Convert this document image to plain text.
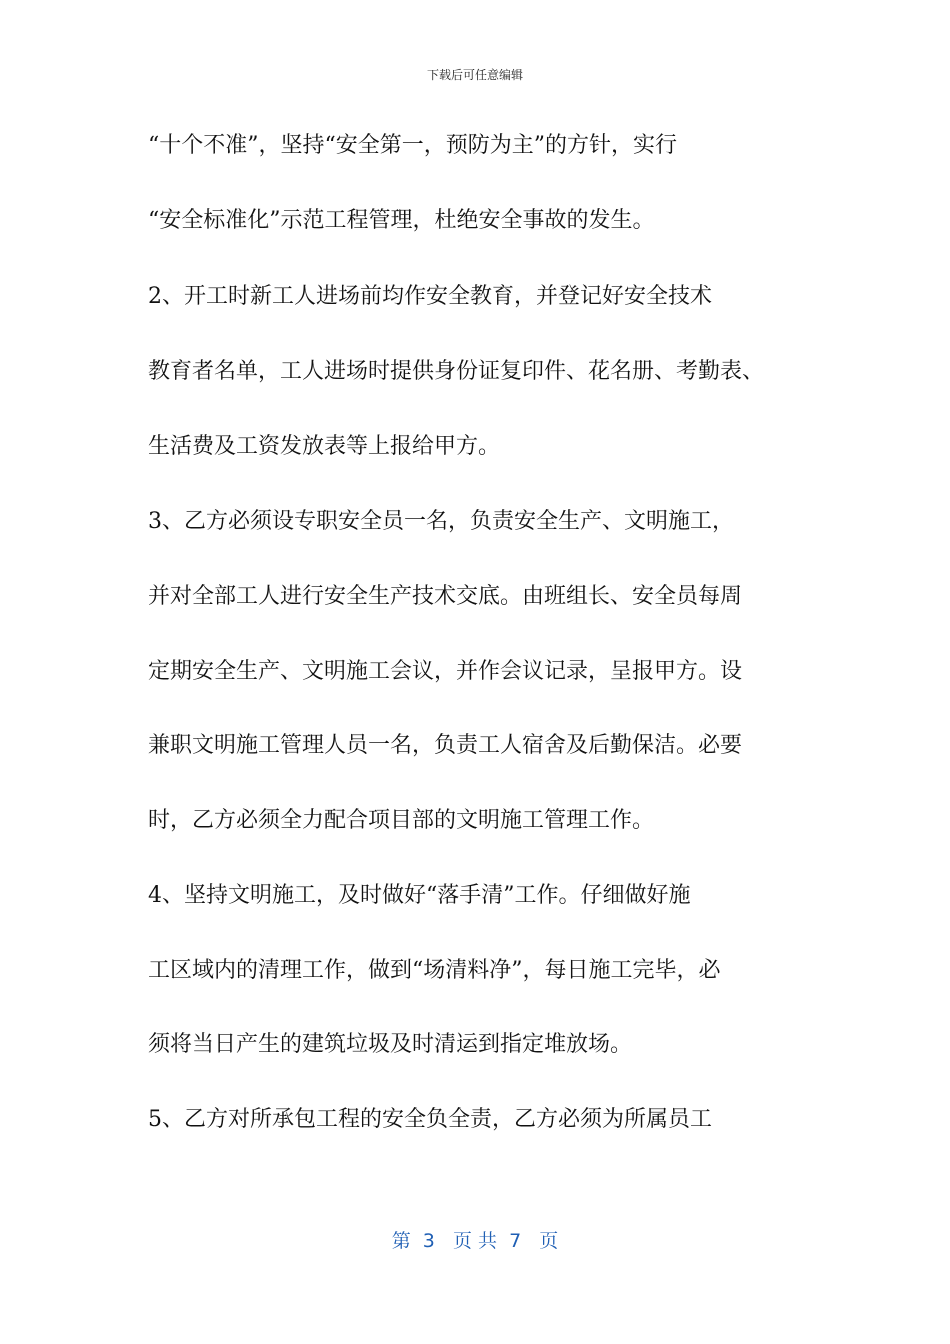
下载后可任意编辑
“十个不准”，坚持“安全第一，预防为主”的方针，实行
“安全标准化”示范工程管理，杜绝安全事故的发生。
2、开工时新工人进场前均作安全教育，并登记好安全技术
教育者名单，工人进场时提供身份证复印件、花名册、考勤表、
生活费及工资发放表等上报给甲方。
3、乙方必须设专职安全员一名，负责安全生产、文明施工，
并对全部工人进行安全生产技术交底。由班组长、安全员每周
定期安全生产、文明施工会议，并作会议记录，呈报甲方。设
兼职文明施工管理人员一名，负责工人宿舍及后勤保洁。必要
时，乙方必须全力配合项目部的文明施工管理工作。
4、坚持文明施工，及时做好“落手清”工作。仔细做好施
工区域内的清理工作，做到“场清料净”，每日施工完毕，必
须将当日产生的建筑垃圾及时清运到指定堆放场。
5、乙方对所承包工程的安全负全责，乙方必须为所属员工
第  3   页 共  7   页
